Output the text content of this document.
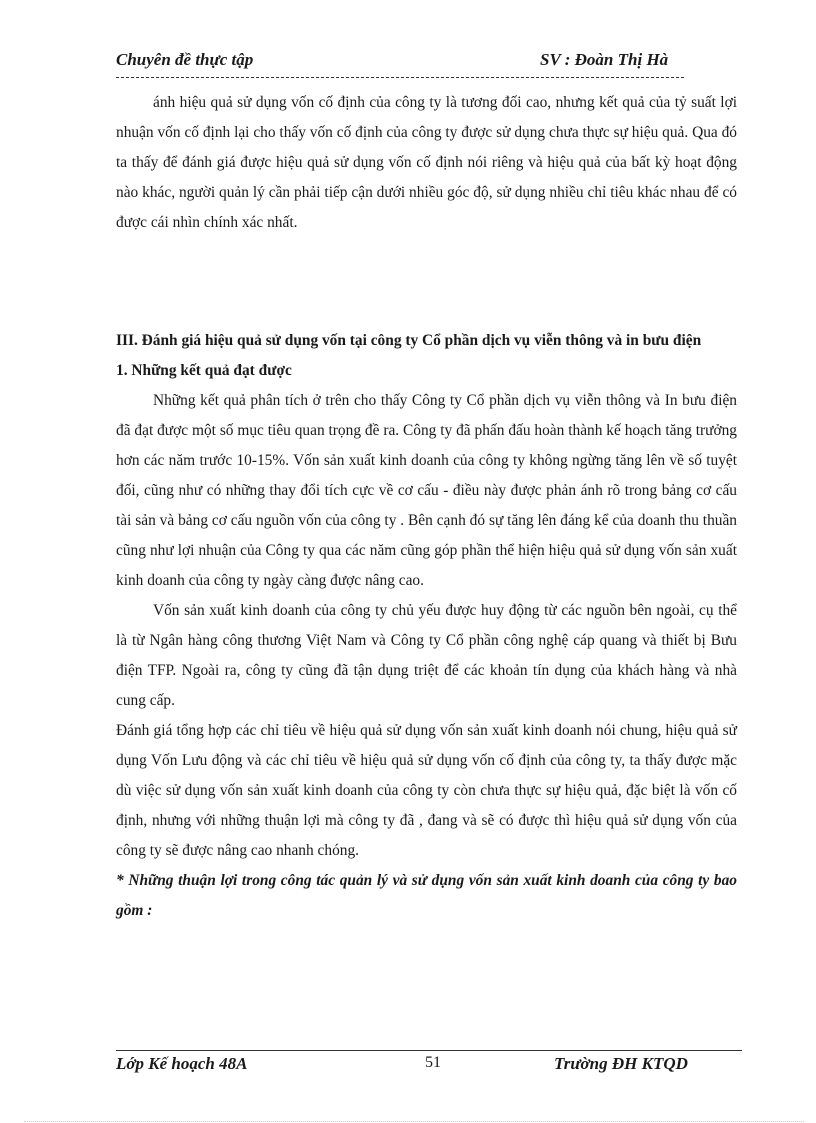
Chuyên đề thực tập	SV : Đoàn Thị Hà

ánh hiệu quả sử dụng vốn cố định của công ty là tương đối cao, nhưng kết quả của tỷ suất lợi nhuận vốn cố định lại cho thấy vốn cố định của công ty được sử dụng chưa thực sự hiệu quả. Qua đó ta thấy để đánh giá được hiệu quả sử dụng vốn cố định nói riêng và hiệu quả của bất kỳ hoạt động nào khác, người quản lý cần phải tiếp cận dưới nhiều góc độ, sử dụng nhiều chỉ tiêu khác nhau để có được cái nhìn chính xác nhất.

III. Đánh giá hiệu quả sử dụng vốn tại công ty Cổ phần dịch vụ viễn thông và in bưu điện

1. Những kết quả đạt được

Những kết quả phân tích ở trên cho thấy Công ty Cổ phần dịch vụ viễn thông và In bưu điện đã đạt được một số mục tiêu quan trọng đề ra. Công ty đã phấn đấu hoàn thành kế hoạch tăng trưởng hơn các năm trước 10-15%. Vốn sản xuất kinh doanh của công ty không ngừng tăng lên về số tuyệt đối, cũng như có những thay đổi tích cực về cơ cấu - điều này được phản ánh rõ trong bảng cơ cấu tài sản và bảng cơ cấu nguồn vốn của công ty . Bên cạnh đó sự tăng lên đáng kể của doanh thu thuần cũng như lợi nhuận của Công ty qua các năm cũng góp phần thể hiện hiệu quả sử dụng vốn sản xuất kinh doanh của công ty ngày càng được nâng cao.

Vốn sản xuất kinh doanh của công ty chủ yếu được huy động từ các nguồn bên ngoài, cụ thể là từ Ngân hàng công thương Việt Nam và Công ty Cổ phần công nghệ cáp quang và thiết bị Bưu điện TFP. Ngoài ra, công ty cũng đã tận dụng triệt để các khoản tín dụng của khách hàng và nhà cung cấp.

Đánh giá tổng hợp các chỉ tiêu về hiệu quả sử dụng vốn sản xuất kinh doanh nói chung, hiệu quả sử dụng Vốn Lưu động và các chỉ tiêu về hiệu quả sử dụng vốn cố định của công ty, ta thấy được mặc dù việc sử dụng vốn sản xuất kinh doanh của công ty còn chưa thực sự hiệu quả, đặc biệt là vốn cố định, nhưng với những thuận lợi mà công ty đã , đang và sẽ có được thì hiệu quả sử dụng vốn của công ty sẽ được nâng cao nhanh chóng.

* Những thuận lợi trong công tác quản lý và sử dụng vốn sản xuất kinh doanh của công ty bao gồm :

Lớp Kế hoạch 48A	51	Trường ĐH KTQD
